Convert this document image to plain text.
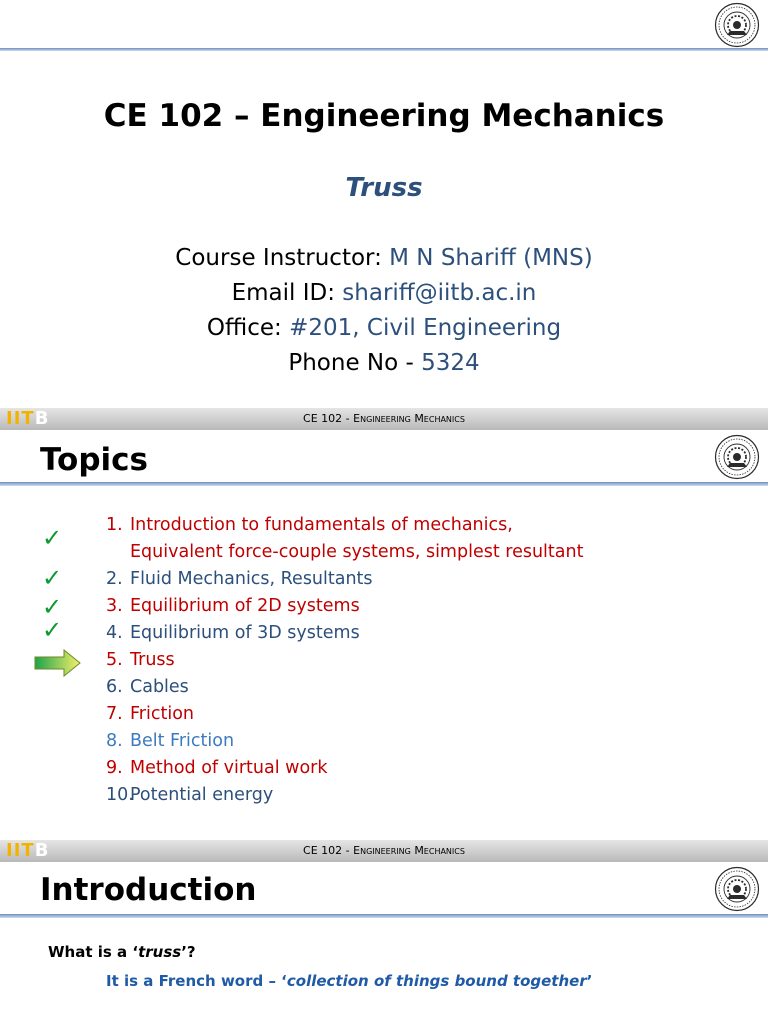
CE 102 – Engineering Mechanics
Truss
Course Instructor: M N Shariff (MNS)
Email ID: shariff@iitb.ac.in
Office: #201, Civil Engineering
Phone No - 5324
IITB	CE 102 - Engineering Mechanics
Topics
✓
✓
✓
✓
1. Introduction to fundamentals of mechanics,
Equivalent force-couple systems, simplest resultant
2. Fluid Mechanics, Resultants
3. Equilibrium of 2D systems
4. Equilibrium of 3D systems
5. Truss
6. Cables
7. Friction
8. Belt Friction
9. Method of virtual work
10.Potential energy
IITB	CE 102 - Engineering Mechanics
Introduction
What is a ‘truss’?
It is a French word – ‘collection of things bound together’
